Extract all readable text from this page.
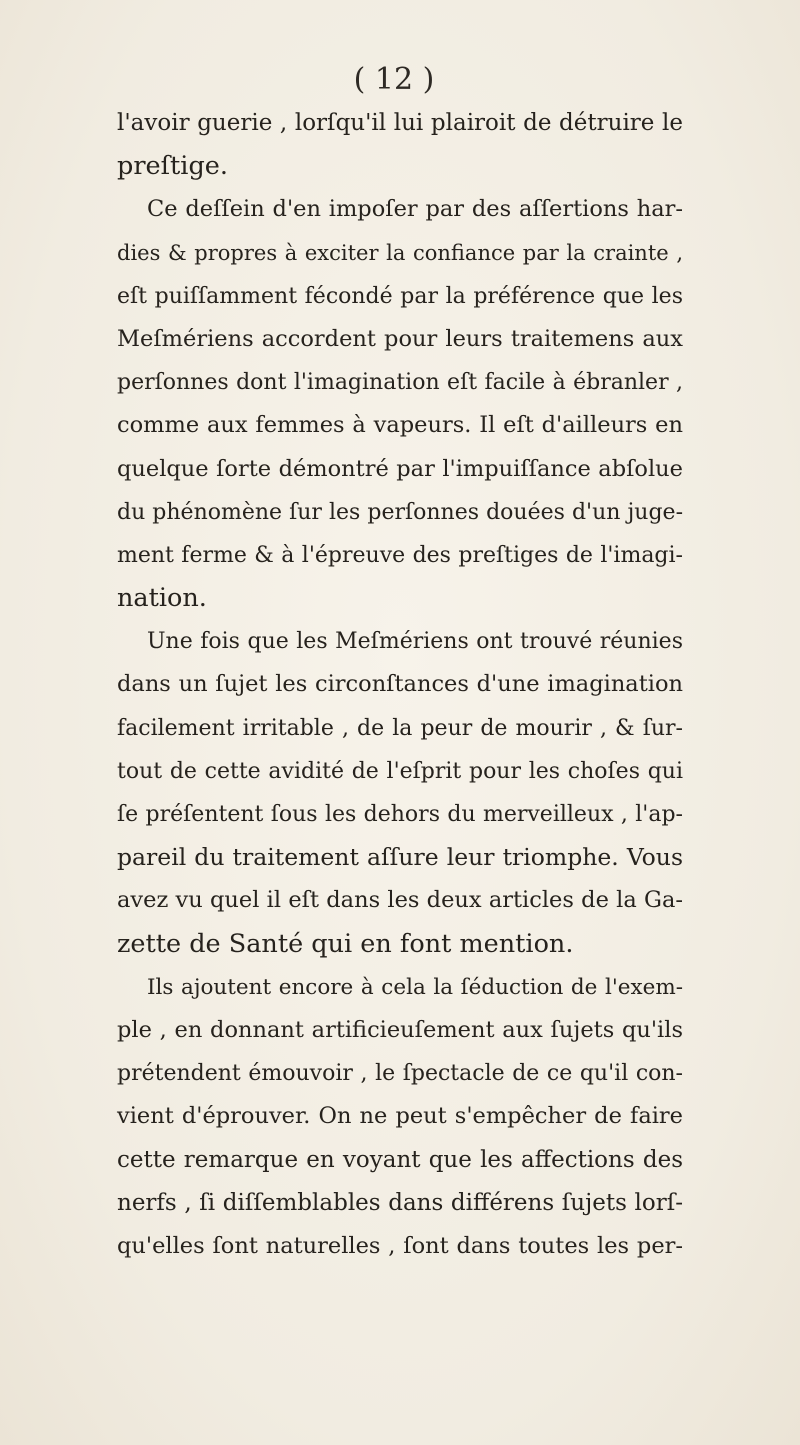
( 12 )
l'avoir guerie , lorſqu'il lui plairoit de détruire le
preſtige.
Ce deſſein d'en impoſer par des aſſertions har-
dies & propres à exciter la confiance par la crainte ,
eſt puiſſamment fécondé par la préférence que les
Meſmériens accordent pour leurs traitemens aux
perſonnes dont l'imagination eſt facile à ébranler ,
comme aux femmes à vapeurs. Il eſt d'ailleurs en
quelque ſorte démontré par l'impuiſſance abſolue
du phénomène ſur les perſonnes douées d'un juge-
ment ferme & à l'épreuve des preſtiges de l'imagi-
nation.
Une fois que les Meſmériens ont trouvé réunies
dans un ſujet les circonſtances d'une imagination
facilement irritable , de la peur de mourir , & ſur-
tout de cette avidité de l'eſprit pour les choſes qui
ſe préſentent ſous les dehors du merveilleux , l'ap-
pareil du traitement aſſure leur triomphe. Vous
avez vu quel il eſt dans les deux articles de la Ga-
zette de Santé qui en font mention.
Ils ajoutent encore à cela la ſéduction de l'exem-
ple , en donnant artificieuſement aux ſujets qu'ils
prétendent émouvoir , le ſpectacle de ce qu'il con-
vient d'éprouver. On ne peut s'empêcher de faire
cette remarque en voyant que les affections des
nerfs , ſi diſſemblables dans différens ſujets lorſ-
qu'elles ſont naturelles , ſont dans toutes les per-
